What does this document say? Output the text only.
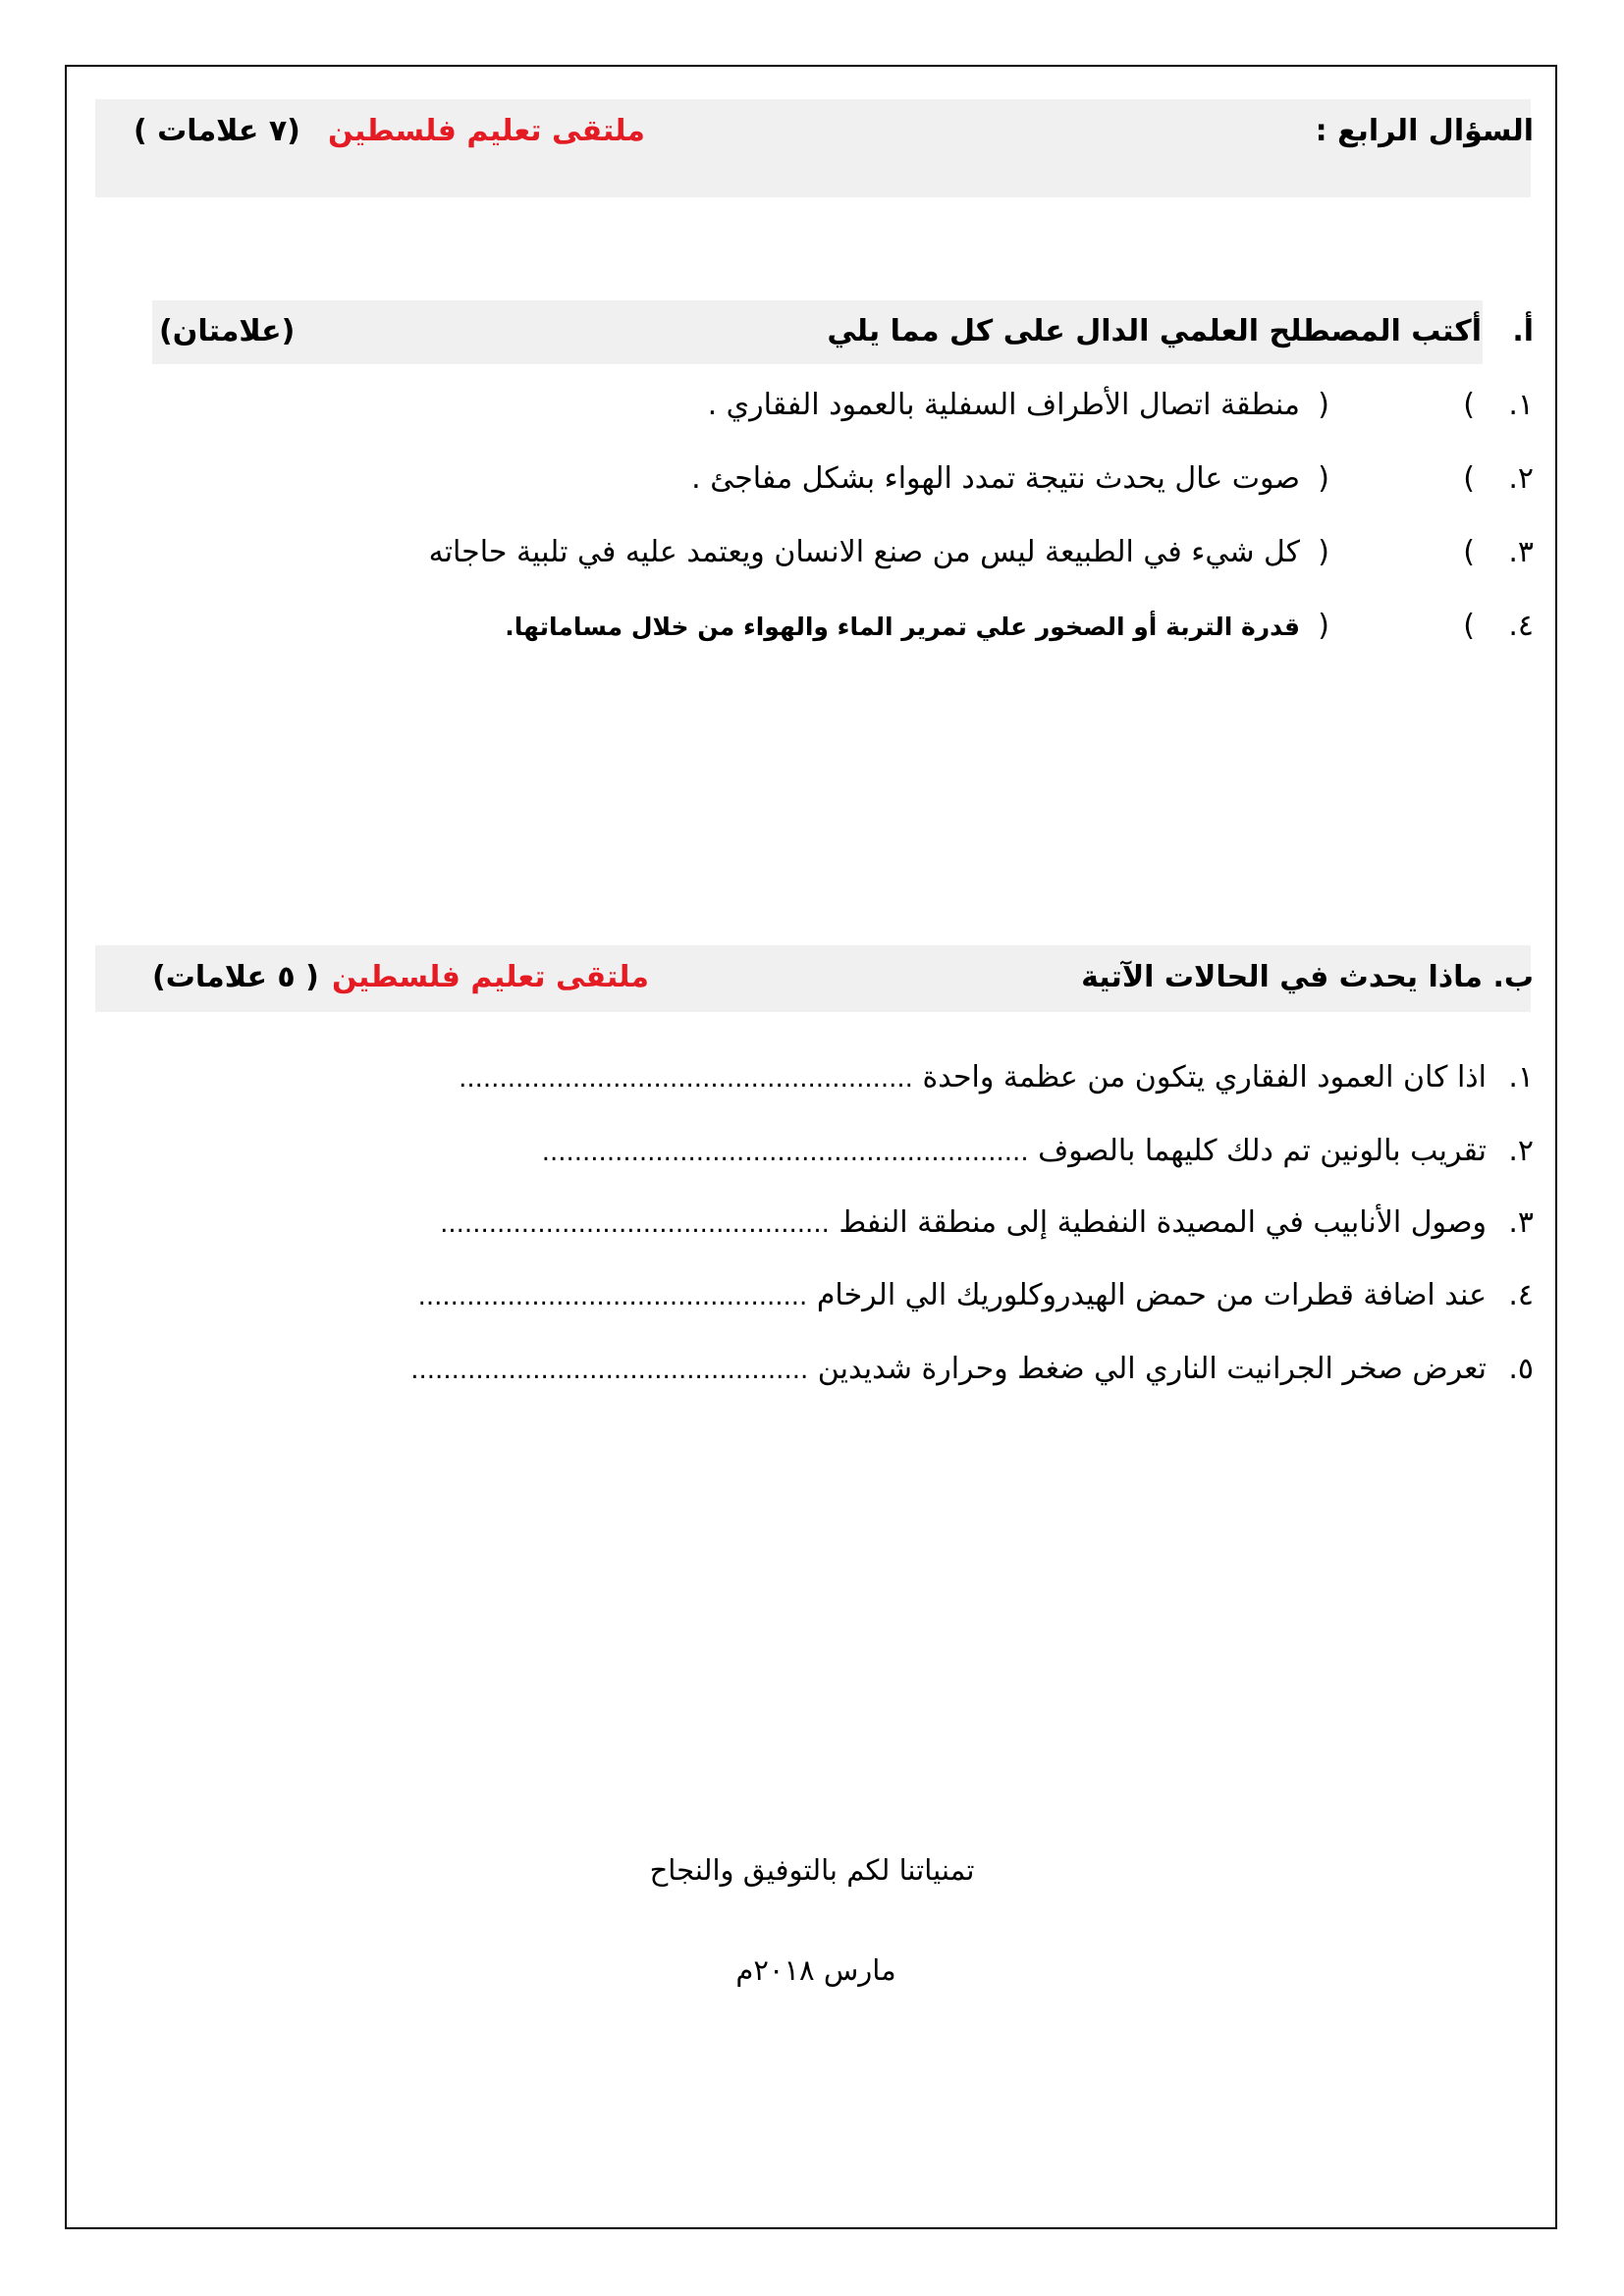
السؤال الرابع :
ملتقى تعليم فلسطين
(٧ علامات )
أ.
أكتب المصطلح العلمي الدال على كل مما يلي
(علامتان)
١.
)
(
منطقة اتصال الأطراف السفلية بالعمود الفقاري .
٢.
)
(
صوت عال يحدث نتيجة تمدد الهواء بشكل مفاجئ .
٣.
)
(
كل شيء في الطبيعة ليس من صنع الانسان ويعتمد عليه في تلبية حاجاته
٤.
)
(
قدرة التربة أو الصخور علي تمرير الماء والهواء من خلال مساماتها.
ب. ماذا يحدث في الحالات الآتية
ملتقى تعليم فلسطين
( ٥ علامات)
١.
اذا كان العمود الفقاري يتكون من عظمة واحدة ........................................................
٢.
تقريب بالونين تم دلك كليهما بالصوف ............................................................
٣.
وصول الأنابيب في المصيدة النفطية إلى منطقة النفط ................................................
٤.
عند اضافة قطرات من حمض الهيدروكلوريك الي الرخام ................................................
٥.
تعرض صخر الجرانيت الناري الي ضغط وحرارة شديدين .................................................
تمنياتنا لكم بالتوفيق والنجاح
مارس ٢٠١٨م
